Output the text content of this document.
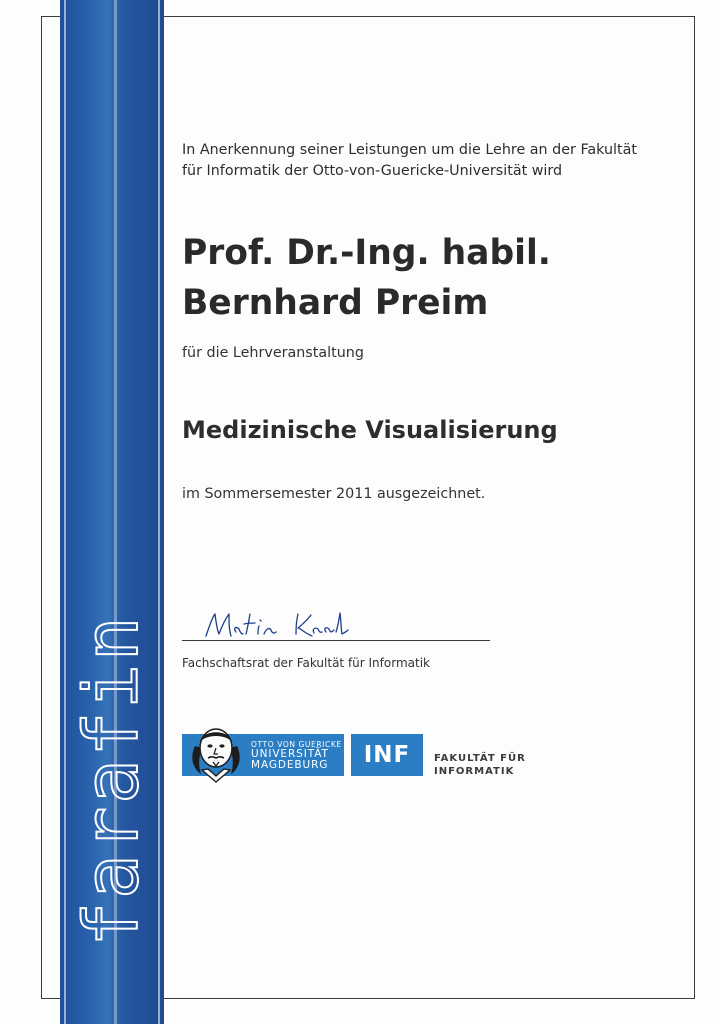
farafin
In Anerkennung seiner Leistungen um die Lehre an der Fakultät
für Informatik der Otto-von-Guericke-Universität wird
Prof. Dr.-Ing. habil.
Bernhard Preim
für die Lehrveranstaltung
Medizinische Visualisierung
im Sommersemester 2011 ausgezeichnet.
Fachschaftsrat der Fakultät für Informatik
OTTO VON GUERICKE
UNIVERSITÄT
MAGDEBURG	INF	FAKULTÄT FÜR
INFORMATIK
